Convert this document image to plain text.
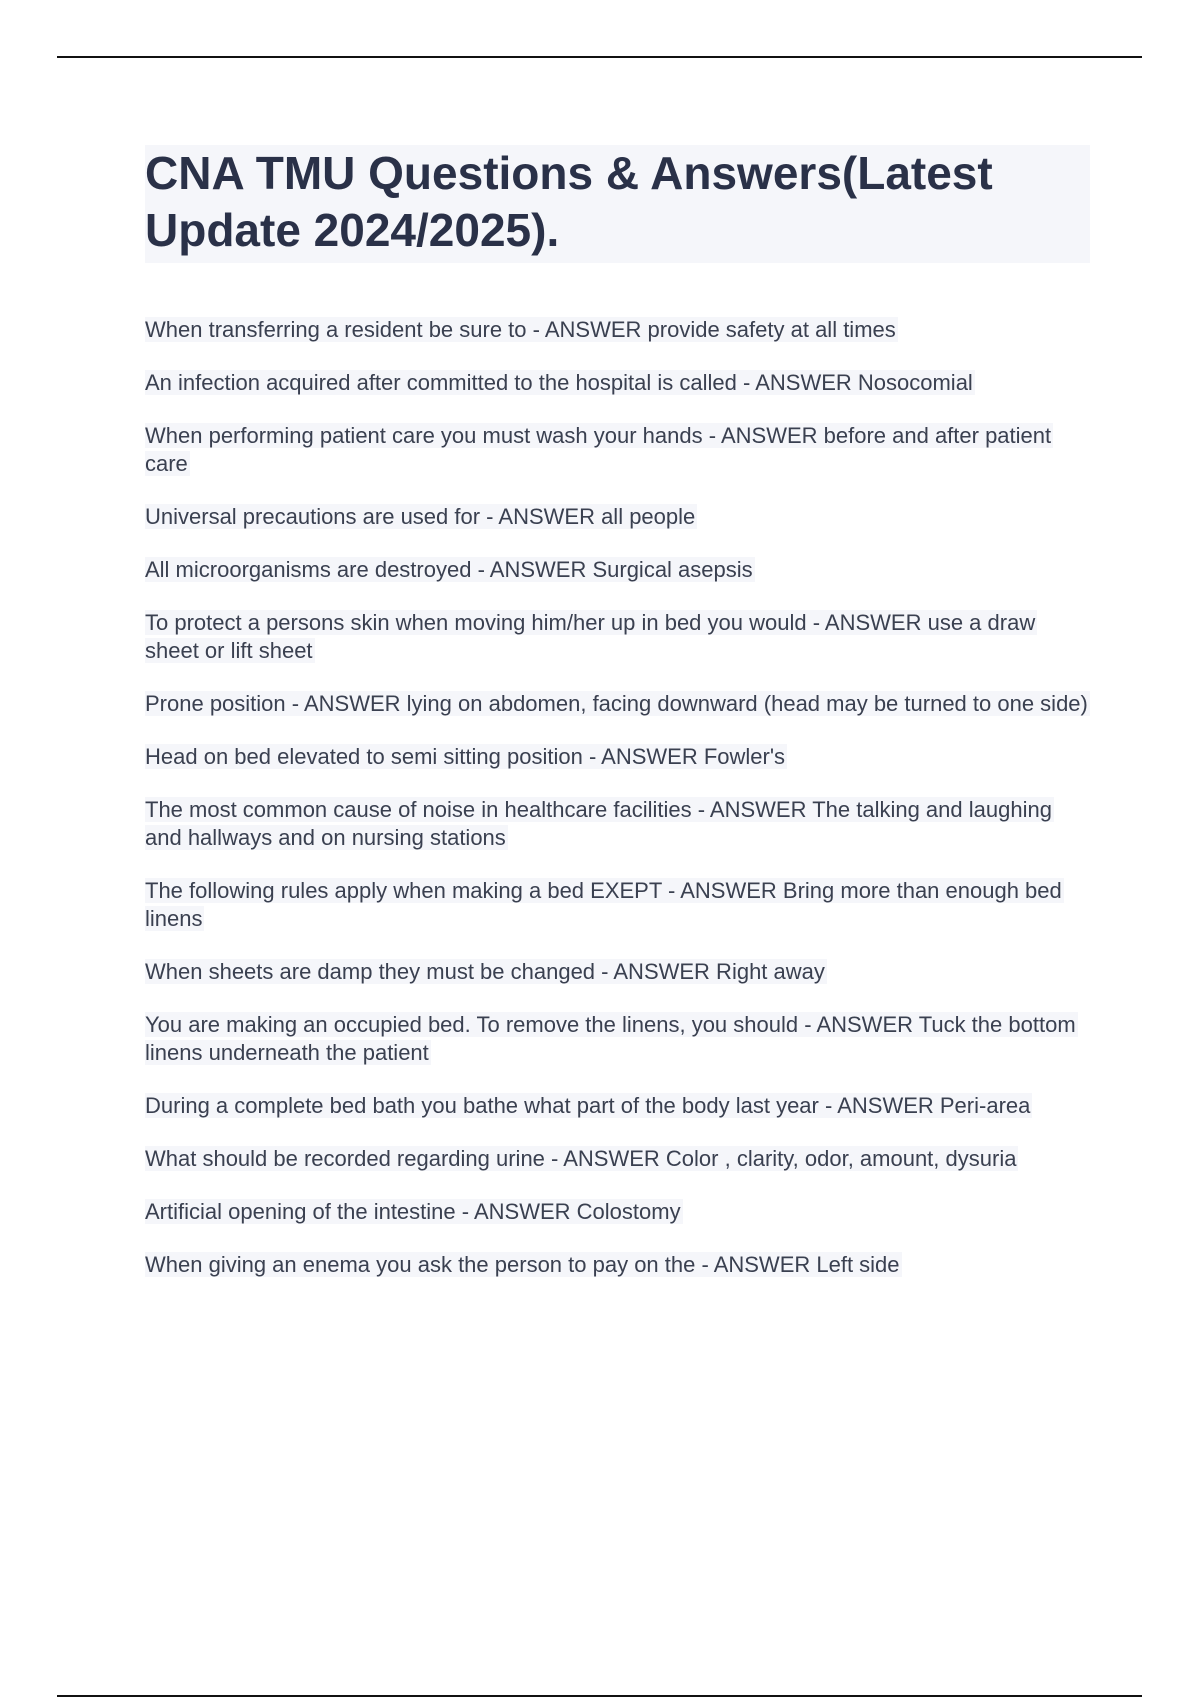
CNA TMU Questions & Answers(Latest Update 2024/2025).
When transferring a resident be sure to - ANSWER provide safety at all times
An infection acquired after committed to the hospital is called - ANSWER Nosocomial
When performing patient care you must wash your hands - ANSWER before and after patient care
Universal precautions are used for - ANSWER all people
All microorganisms are destroyed - ANSWER Surgical asepsis
To protect a persons skin when moving him/her up in bed you would - ANSWER use a draw sheet or lift sheet
Prone position - ANSWER lying on abdomen, facing downward (head may be turned to one side)
Head on bed elevated to semi sitting position - ANSWER Fowler's
The most common cause of noise in healthcare facilities - ANSWER The talking and laughing and hallways and on nursing stations
The following rules apply when making a bed EXEPT - ANSWER Bring more than enough bed linens
When sheets are damp they must be changed - ANSWER Right away
You are making an occupied bed. To remove the linens, you should - ANSWER Tuck the bottom linens underneath the patient
During a complete bed bath you bathe what part of the body last year - ANSWER Peri-area
What should be recorded regarding urine - ANSWER Color , clarity, odor, amount, dysuria
Artificial opening of the intestine - ANSWER Colostomy
When giving an enema you ask the person to pay on the - ANSWER Left side
